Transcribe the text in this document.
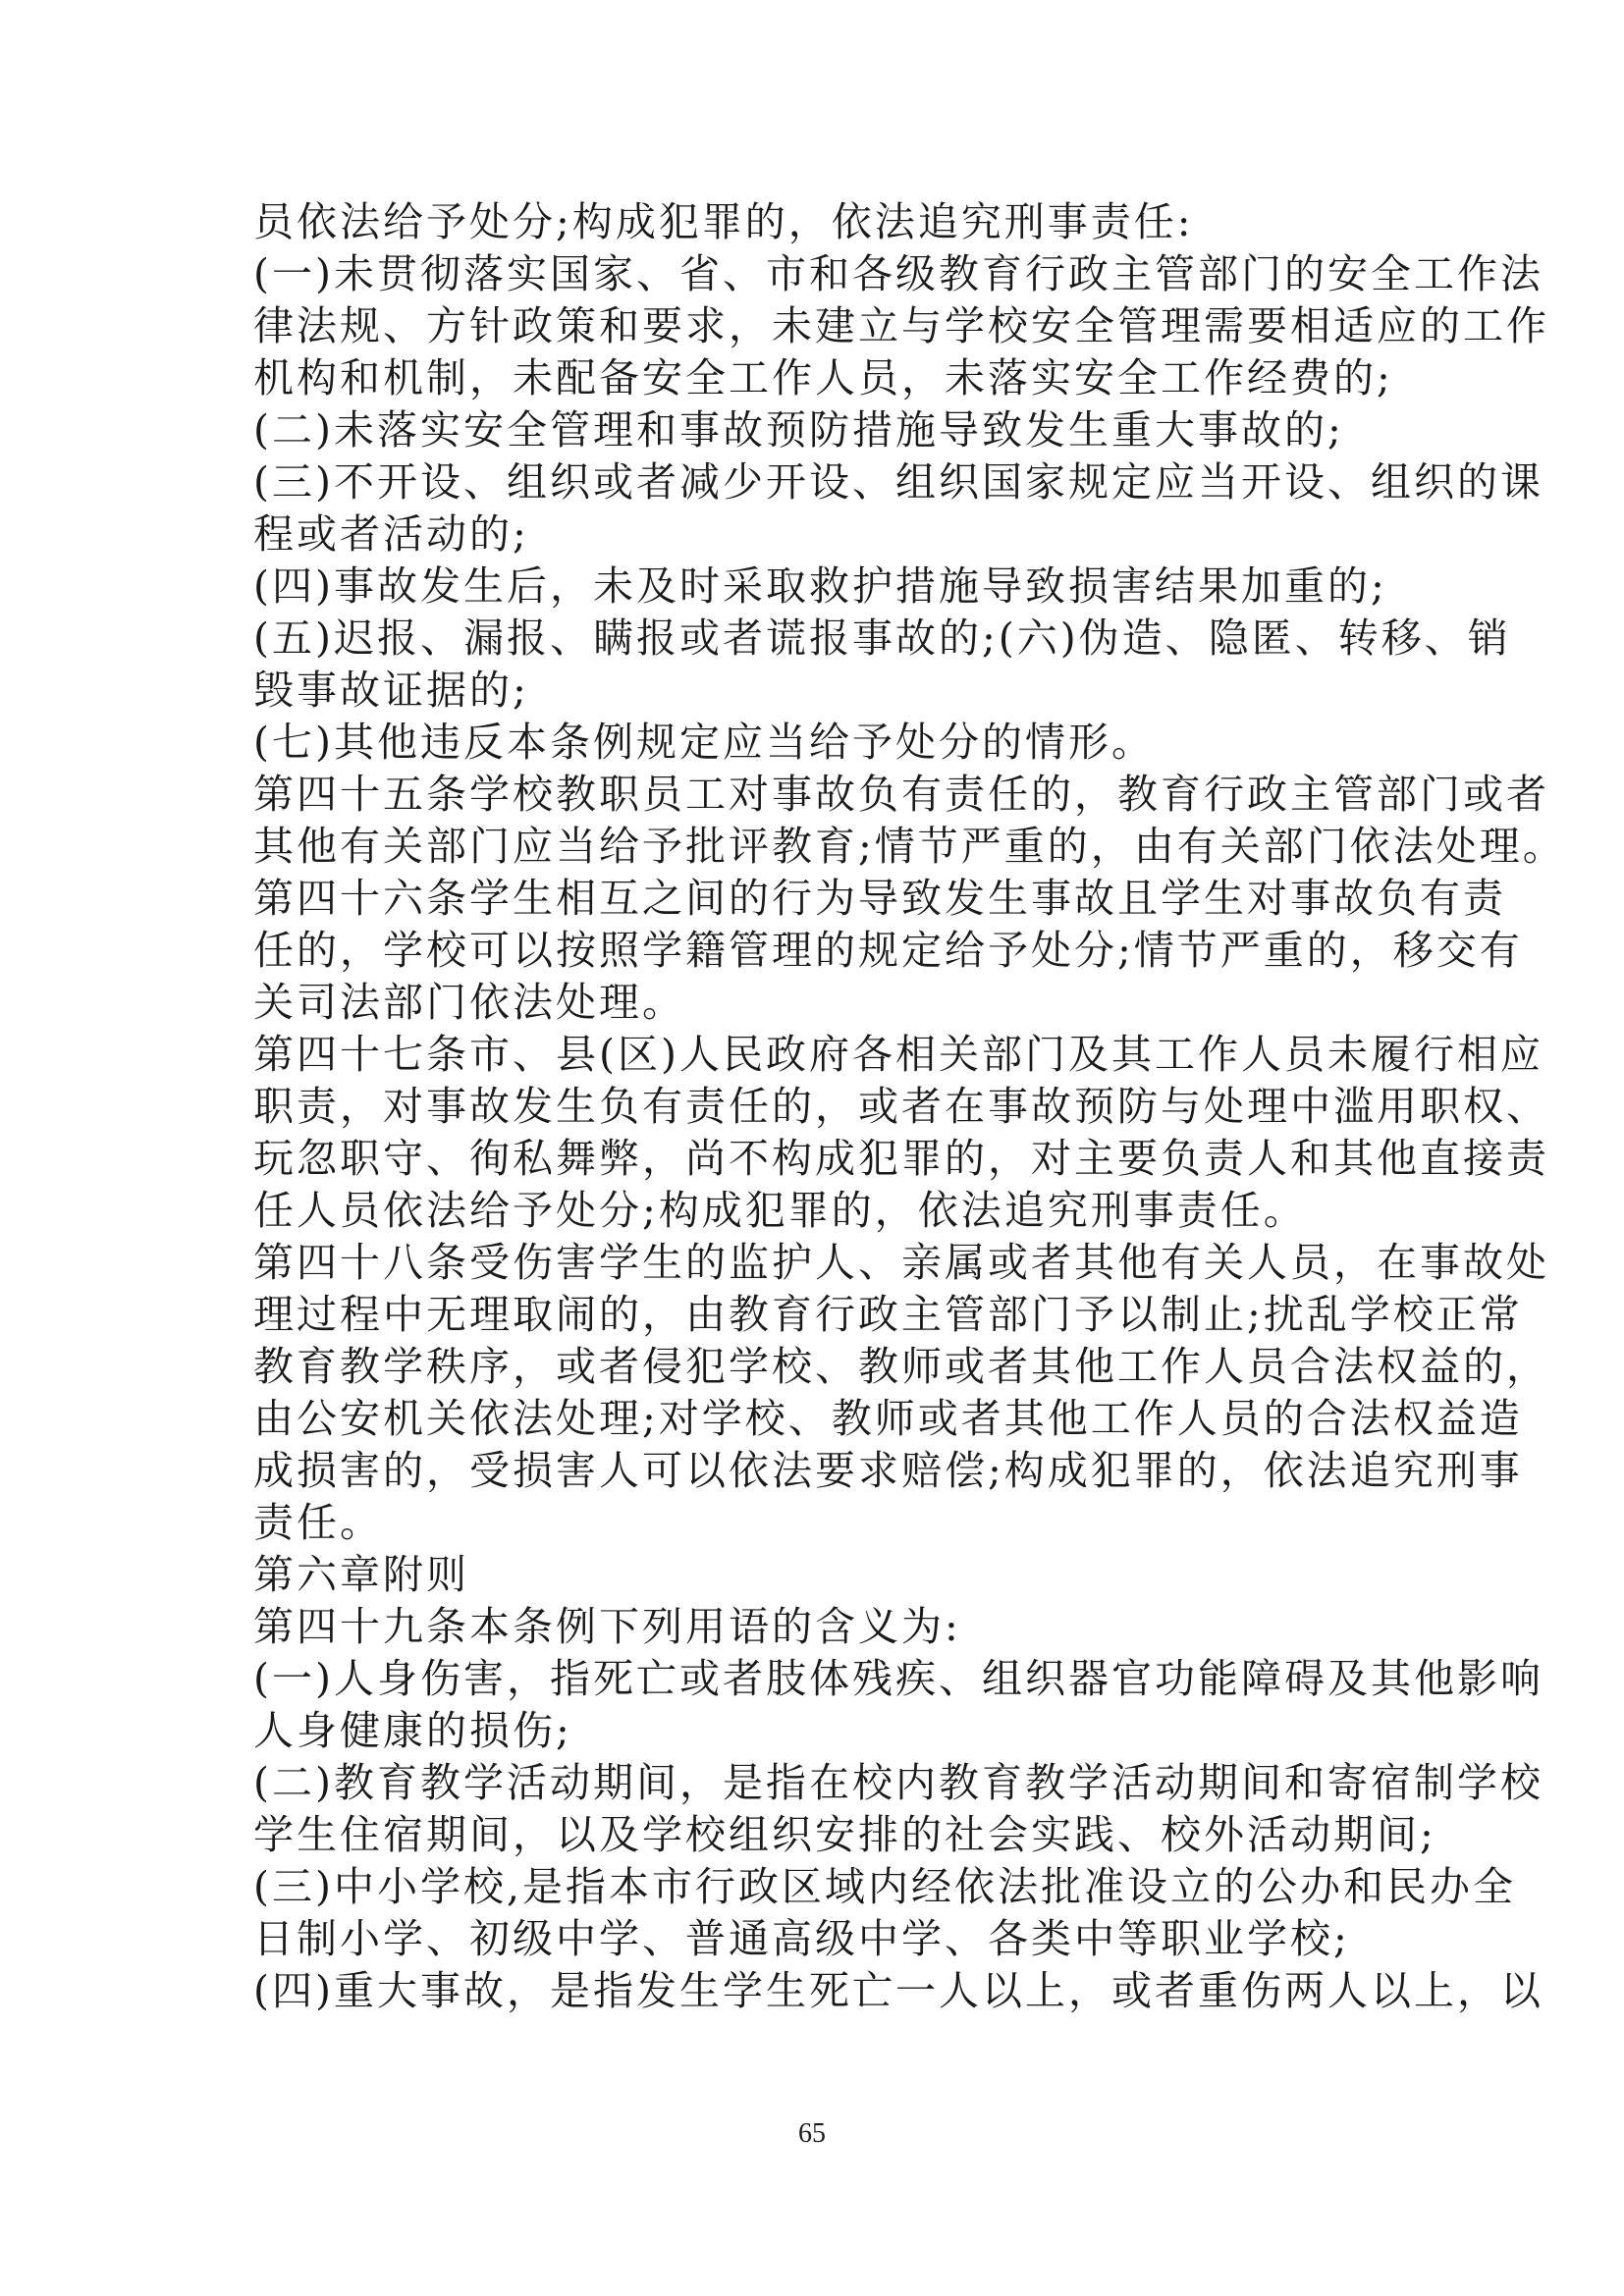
员依法给予处分;构成犯罪的，依法追究刑事责任:
(一)未贯彻落实国家、省、市和各级教育行政主管部门的安全工作法
律法规、方针政策和要求，未建立与学校安全管理需要相适应的工作
机构和机制，未配备安全工作人员，未落实安全工作经费的;
(二)未落实安全管理和事故预防措施导致发生重大事故的;
(三)不开设、组织或者减少开设、组织国家规定应当开设、组织的课
程或者活动的;
(四)事故发生后，未及时采取救护措施导致损害结果加重的;
(五)迟报、漏报、瞒报或者谎报事故的;(六)伪造、隐匿、转移、销
毁事故证据的;
(七)其他违反本条例规定应当给予处分的情形。
第四十五条学校教职员工对事故负有责任的，教育行政主管部门或者
其他有关部门应当给予批评教育;情节严重的，由有关部门依法处理。
第四十六条学生相互之间的行为导致发生事故且学生对事故负有责
任的，学校可以按照学籍管理的规定给予处分;情节严重的，移交有
关司法部门依法处理。
第四十七条市、县(区)人民政府各相关部门及其工作人员未履行相应
职责，对事故发生负有责任的，或者在事故预防与处理中滥用职权、
玩忽职守、徇私舞弊，尚不构成犯罪的，对主要负责人和其他直接责
任人员依法给予处分;构成犯罪的，依法追究刑事责任。
第四十八条受伤害学生的监护人、亲属或者其他有关人员，在事故处
理过程中无理取闹的，由教育行政主管部门予以制止;扰乱学校正常
教育教学秩序，或者侵犯学校、教师或者其他工作人员合法权益的，
由公安机关依法处理;对学校、教师或者其他工作人员的合法权益造
成损害的，受损害人可以依法要求赔偿;构成犯罪的，依法追究刑事
责任。
第六章附则
第四十九条本条例下列用语的含义为:
(一)人身伤害，指死亡或者肢体残疾、组织器官功能障碍及其他影响
人身健康的损伤;
(二)教育教学活动期间，是指在校内教育教学活动期间和寄宿制学校
学生住宿期间，以及学校组织安排的社会实践、校外活动期间;
(三)中小学校,是指本市行政区域内经依法批准设立的公办和民办全
日制小学、初级中学、普通高级中学、各类中等职业学校;
(四)重大事故，是指发生学生死亡一人以上，或者重伤两人以上，以
65
